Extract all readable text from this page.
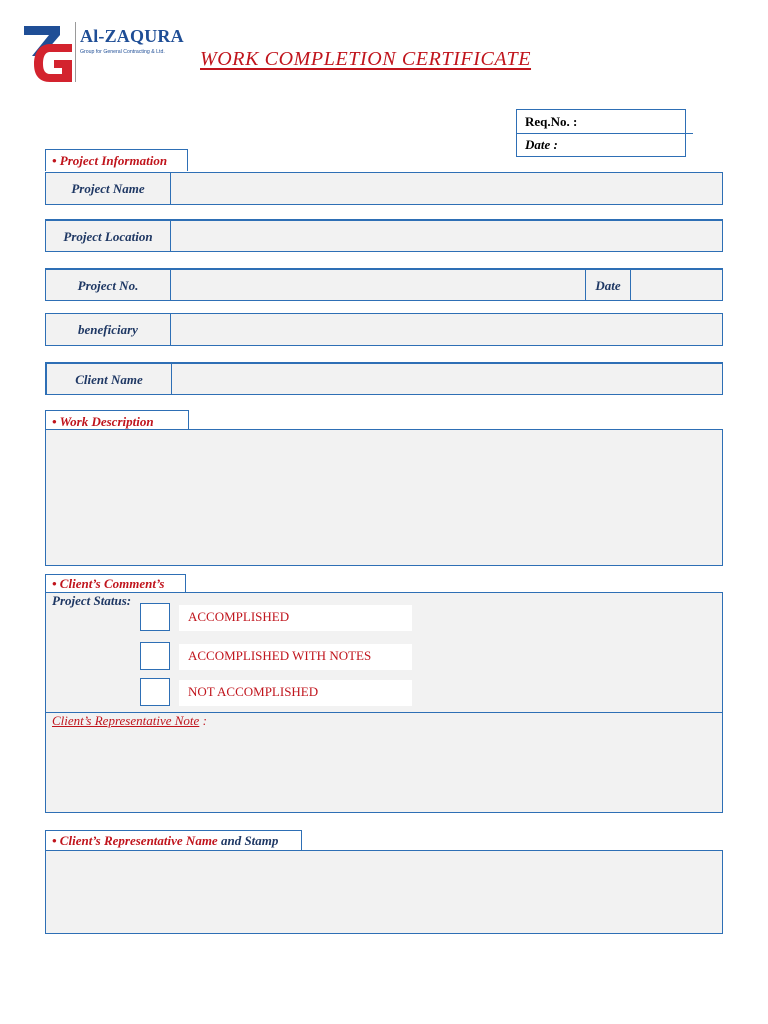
Al-ZAQURA
Group for General Contracting & Ltd. WORK COMPLETION CERTIFICATE
Req.No. :
Date :
• Project Information
Project Name
Project Location
Project No.	Date
beneficiary
Client Name
• Work Description
• Client’s Comment’s
Project Status:
ACCOMPLISHED
ACCOMPLISHED WITH NOTES
NOT ACCOMPLISHED
Client’s Representative Note :
• Client’s Representative Name and Stamp
